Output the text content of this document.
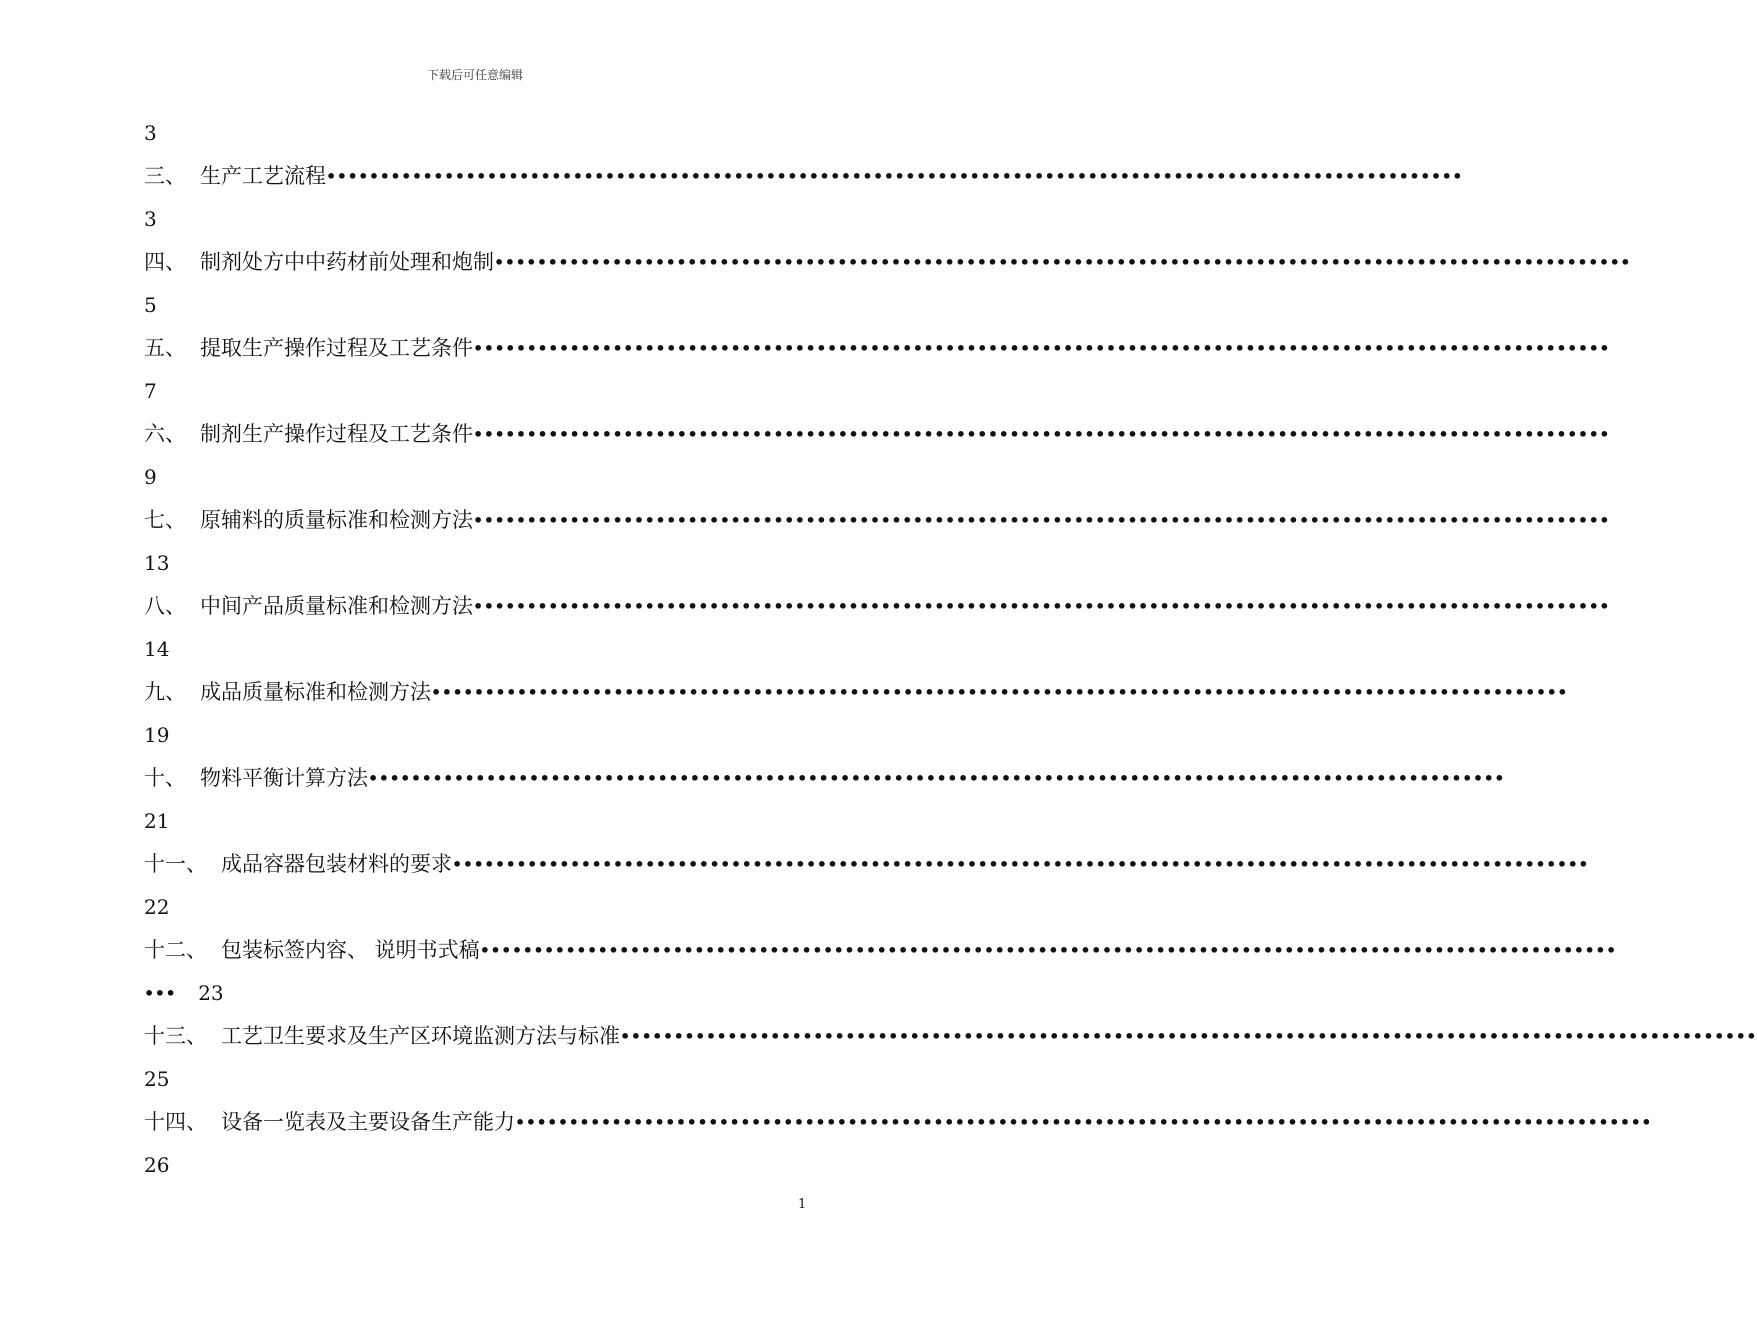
下载后可任意编辑
3
三、 生产工艺流程 ••••••••••••••••••••••••••••••••••••••••••••••••••••••••••••••••••••••••••••••••••••••••••••••••••••••••••
3
四、 制剂处方中中药材前处理和炮制 ••••••••••••••••••••••••••••••••••••••••••••••••••••••••••••••••••••••••••••••••••••••••••••••••••••••••••
5
五、 提取生产操作过程及工艺条件 ••••••••••••••••••••••••••••••••••••••••••••••••••••••••••••••••••••••••••••••••••••••••••••••••••••••••••
7
六、 制剂生产操作过程及工艺条件 ••••••••••••••••••••••••••••••••••••••••••••••••••••••••••••••••••••••••••••••••••••••••••••••••••••••••••
9
七、 原辅料的质量标准和检测方法 ••••••••••••••••••••••••••••••••••••••••••••••••••••••••••••••••••••••••••••••••••••••••••••••••••••••••••
13
八、 中间产品质量标准和检测方法 ••••••••••••••••••••••••••••••••••••••••••••••••••••••••••••••••••••••••••••••••••••••••••••••••••••••••••
14
九、 成品质量标准和检测方法 ••••••••••••••••••••••••••••••••••••••••••••••••••••••••••••••••••••••••••••••••••••••••••••••••••••••••••
19
十、 物料平衡计算方法 ••••••••••••••••••••••••••••••••••••••••••••••••••••••••••••••••••••••••••••••••••••••••••••••••••••••••••
21
十一、 成品容器包装材料的要求 ••••••••••••••••••••••••••••••••••••••••••••••••••••••••••••••••••••••••••••••••••••••••••••••••••••••••••
22
十二、 包装标签内容、 说明书式稿 ••••••••••••••••••••••••••••••••••••••••••••••••••••••••••••••••••••••••••••••••••••••••••••••••••••••••••
••• 23
十三、 工艺卫生要求及生产区环境监测方法与标准 ••••••••••••••••••••••••••••••••••••••••••••••••••••••••••••••••••••••••••••••••••••••••••••••••••••••••••
25
十四、 设备一览表及主要设备生产能力 ••••••••••••••••••••••••••••••••••••••••••••••••••••••••••••••••••••••••••••••••••••••••••••••••••••••••••
26
1
